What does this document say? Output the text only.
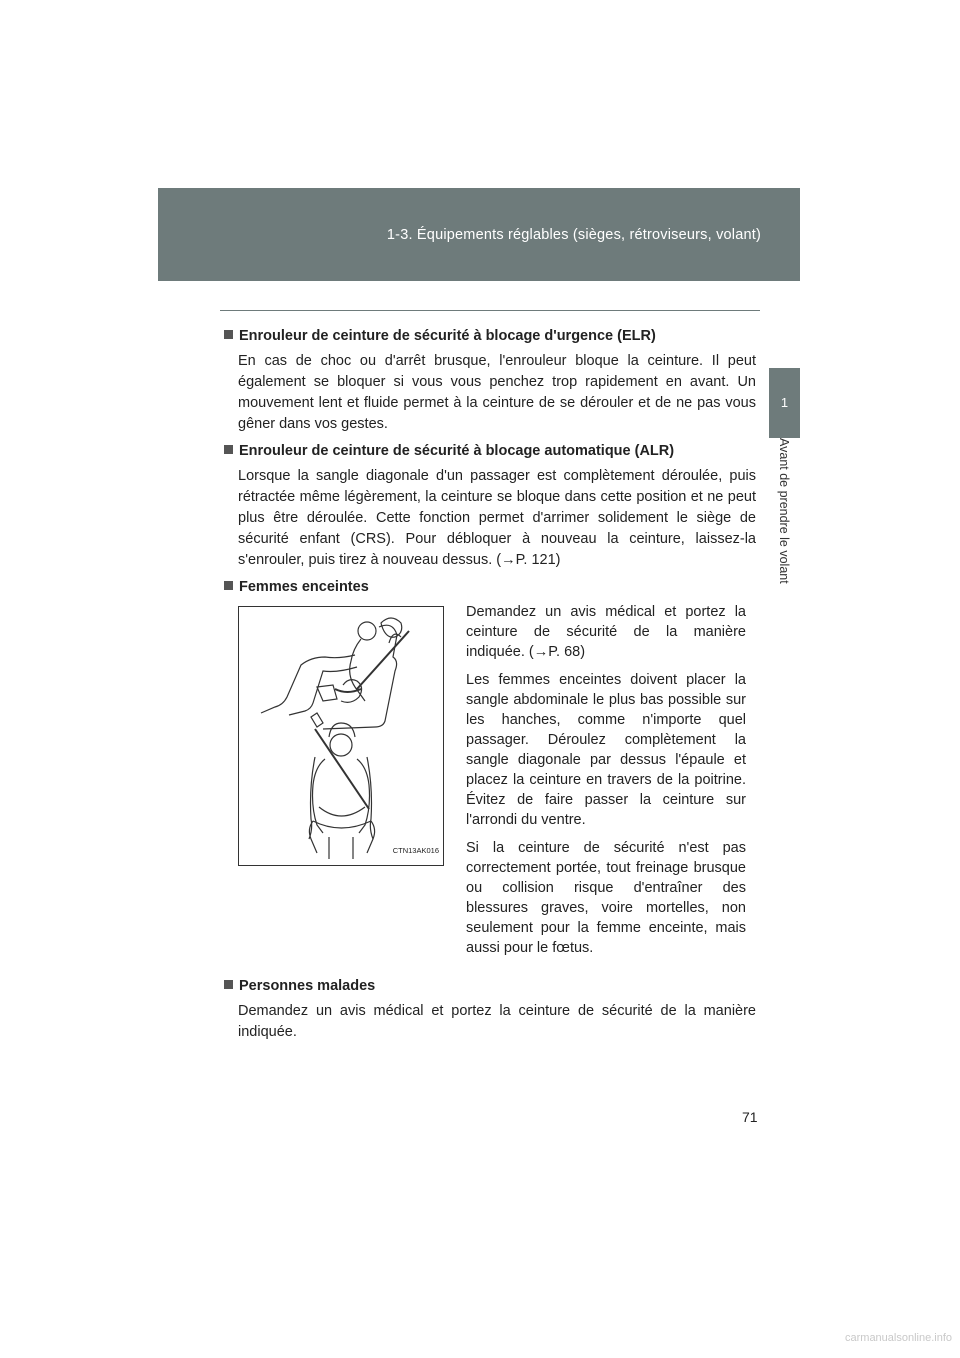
1-3. Équipements réglables (sièges, rétroviseurs, volant)
1
Avant de prendre le volant
Enrouleur de ceinture de sécurité à blocage d'urgence (ELR)

En cas de choc ou d'arrêt brusque, l'enrouleur bloque la ceinture. Il peut également se bloquer si vous vous penchez trop rapidement en avant. Un mouvement lent et fluide permet à la ceinture de se dérouler et de ne pas vous gêner dans vos gestes.

Enrouleur de ceinture de sécurité à blocage automatique (ALR)

Lorsque la sangle diagonale d'un passager est complètement déroulée, puis rétractée même légèrement, la ceinture se bloque dans cette position et ne peut plus être déroulée. Cette fonction permet d'arrimer solidement le siège de sécurité enfant (CRS). Pour débloquer à nouveau la ceinture, laissez-la s'enrouler, puis tirez à nouveau dessus. (→P. 121)

Femmes enceintes
CTN13AK016

Demandez un avis médical et portez la ceinture de sécurité de la manière indiquée. (→P. 68)

Les femmes enceintes doivent placer la sangle abdominale le plus bas possible sur les hanches, comme n'importe quel passager. Déroulez complètement la sangle diagonale par dessus l'épaule et placez la ceinture en travers de la poitrine. Évitez de faire passer la ceinture sur l'arrondi du ventre.

Si la ceinture de sécurité n'est pas correctement portée, tout freinage brusque ou collision risque d'entraîner des blessures graves, voire mortelles, non seulement pour la femme enceinte, mais aussi pour le fœtus.

Personnes malades

Demandez un avis médical et portez la ceinture de sécurité de la manière indiquée.

71
carmanualsonline.info
